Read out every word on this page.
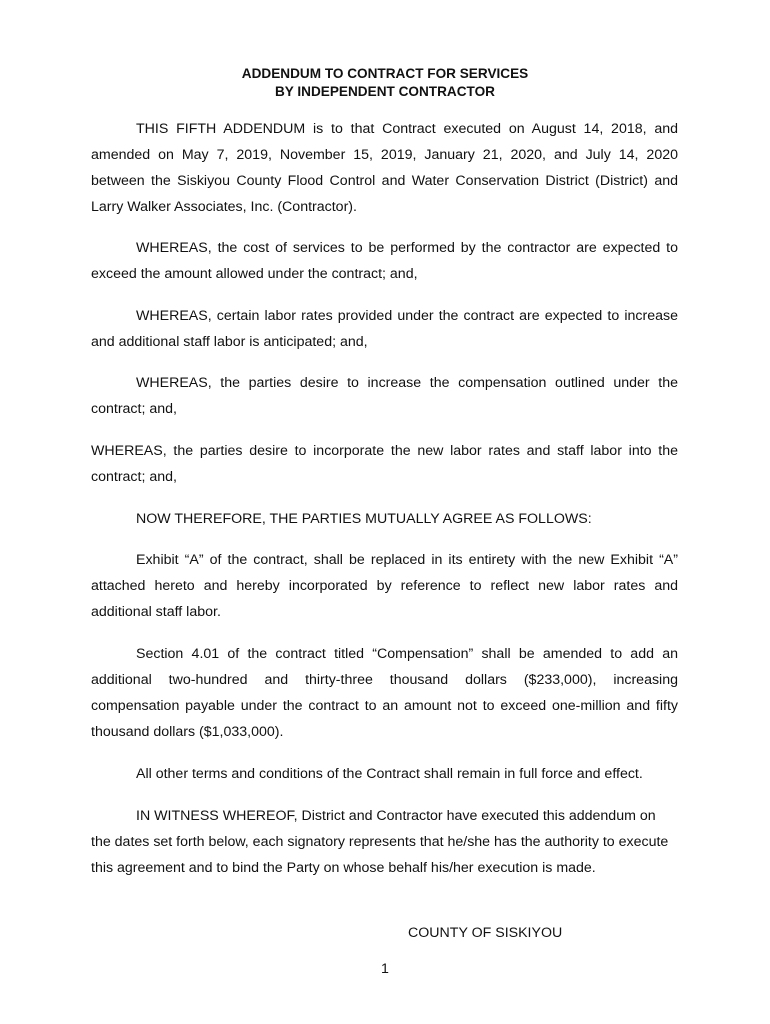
ADDENDUM TO CONTRACT FOR SERVICES
BY INDEPENDENT CONTRACTOR

THIS FIFTH ADDENDUM is to that Contract executed on August 14, 2018, and amended on May 7, 2019, November 15, 2019, January 21, 2020, and July 14, 2020 between the Siskiyou County Flood Control and Water Conservation District (District) and Larry Walker Associates, Inc. (Contractor).

WHEREAS, the cost of services to be performed by the contractor are expected to exceed the amount allowed under the contract; and,

WHEREAS, certain labor rates provided under the contract are expected to increase and additional staff labor is anticipated; and,

WHEREAS, the parties desire to increase the compensation outlined under the contract; and,

WHEREAS, the parties desire to incorporate the new labor rates and staff labor into the contract; and,

NOW THEREFORE, THE PARTIES MUTUALLY AGREE AS FOLLOWS:

Exhibit “A” of the contract, shall be replaced in its entirety with the new Exhibit “A” attached hereto and hereby incorporated by reference to reflect new labor rates and additional staff labor.

Section 4.01 of the contract titled “Compensation” shall be amended to add an additional two-hundred and thirty-three thousand dollars ($233,000), increasing compensation payable under the contract to an amount not to exceed one-million and fifty thousand dollars ($1,033,000).

All other terms and conditions of the Contract shall remain in full force and effect.

IN WITNESS WHEREOF, District and Contractor have executed this addendum on the dates set forth below, each signatory represents that he/she has the authority to execute this agreement and to bind the Party on whose behalf his/her execution is made.

COUNTY OF SISKIYOU
1
